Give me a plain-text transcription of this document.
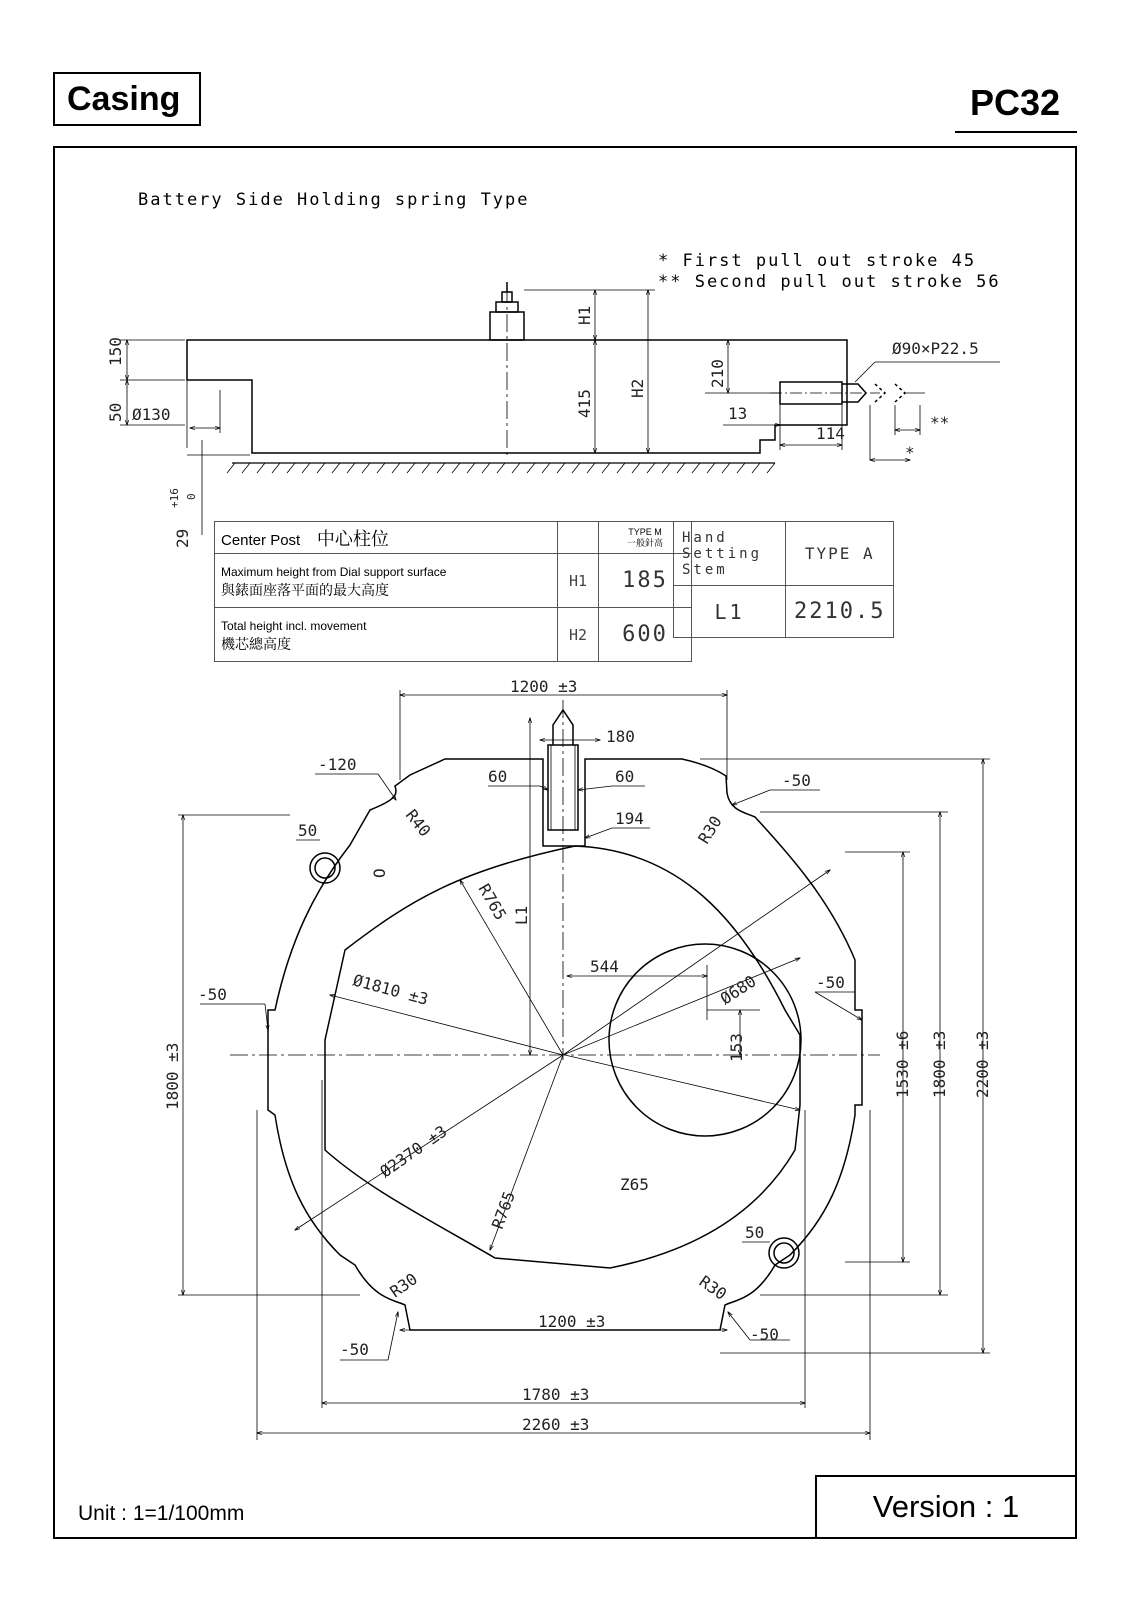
Casing	PC32
Battery Side Holding spring Type
* First pull out stroke 45
** Second pull out stroke 56
150
50 Ø130
29
+16 0
H1
415
H2
210
13
114
Ø90×P22.5
*
**
1200 ±3
180
60	60
194
-120
-50
R40	R30
50
O
R765 L1
544
Ø680
-50
-50
Ø1810 ±3
153
1800 ±3	1530 ±6 1800 ±3 2200 ±3
Ø2370 ±3
R765
Z65
50
R30	R30
1200 ±3
-50
-50
1780 ±3
2260 ±3
Center Post 中心柱位		TYPE M
一般針高

Maximum height from Dial support surface
與錶面座落平面的最大高度	H1	185

Total height incl. movement
機芯總高度	H2	600
Hand
Setting
Stem	TYPE A
L1	2210.5
Unit : 1=1/100mm	Version : 1
